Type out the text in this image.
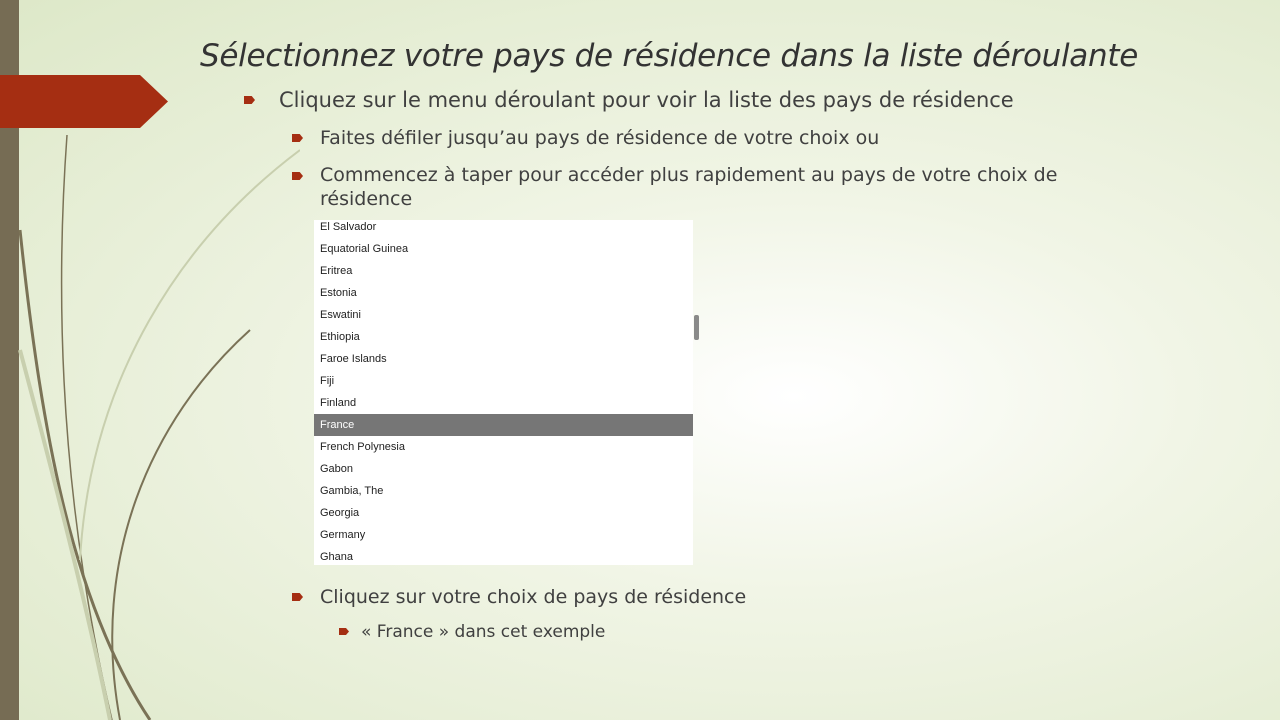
Sélectionnez votre pays de résidence dans la liste déroulante
Cliquez sur le menu déroulant pour voir la liste des pays de résidence
Faites défiler jusqu’au pays de résidence de votre choix ou
Commencez à taper pour accéder plus rapidement au pays de votre choix de
résidence
El Salvador
Equatorial Guinea
Eritrea
Estonia
Eswatini
Ethiopia
Faroe Islands
Fiji
Finland
France
French Polynesia
Gabon
Gambia, The
Georgia
Germany
Ghana
Cliquez sur votre choix de pays de résidence
« France » dans cet exemple
